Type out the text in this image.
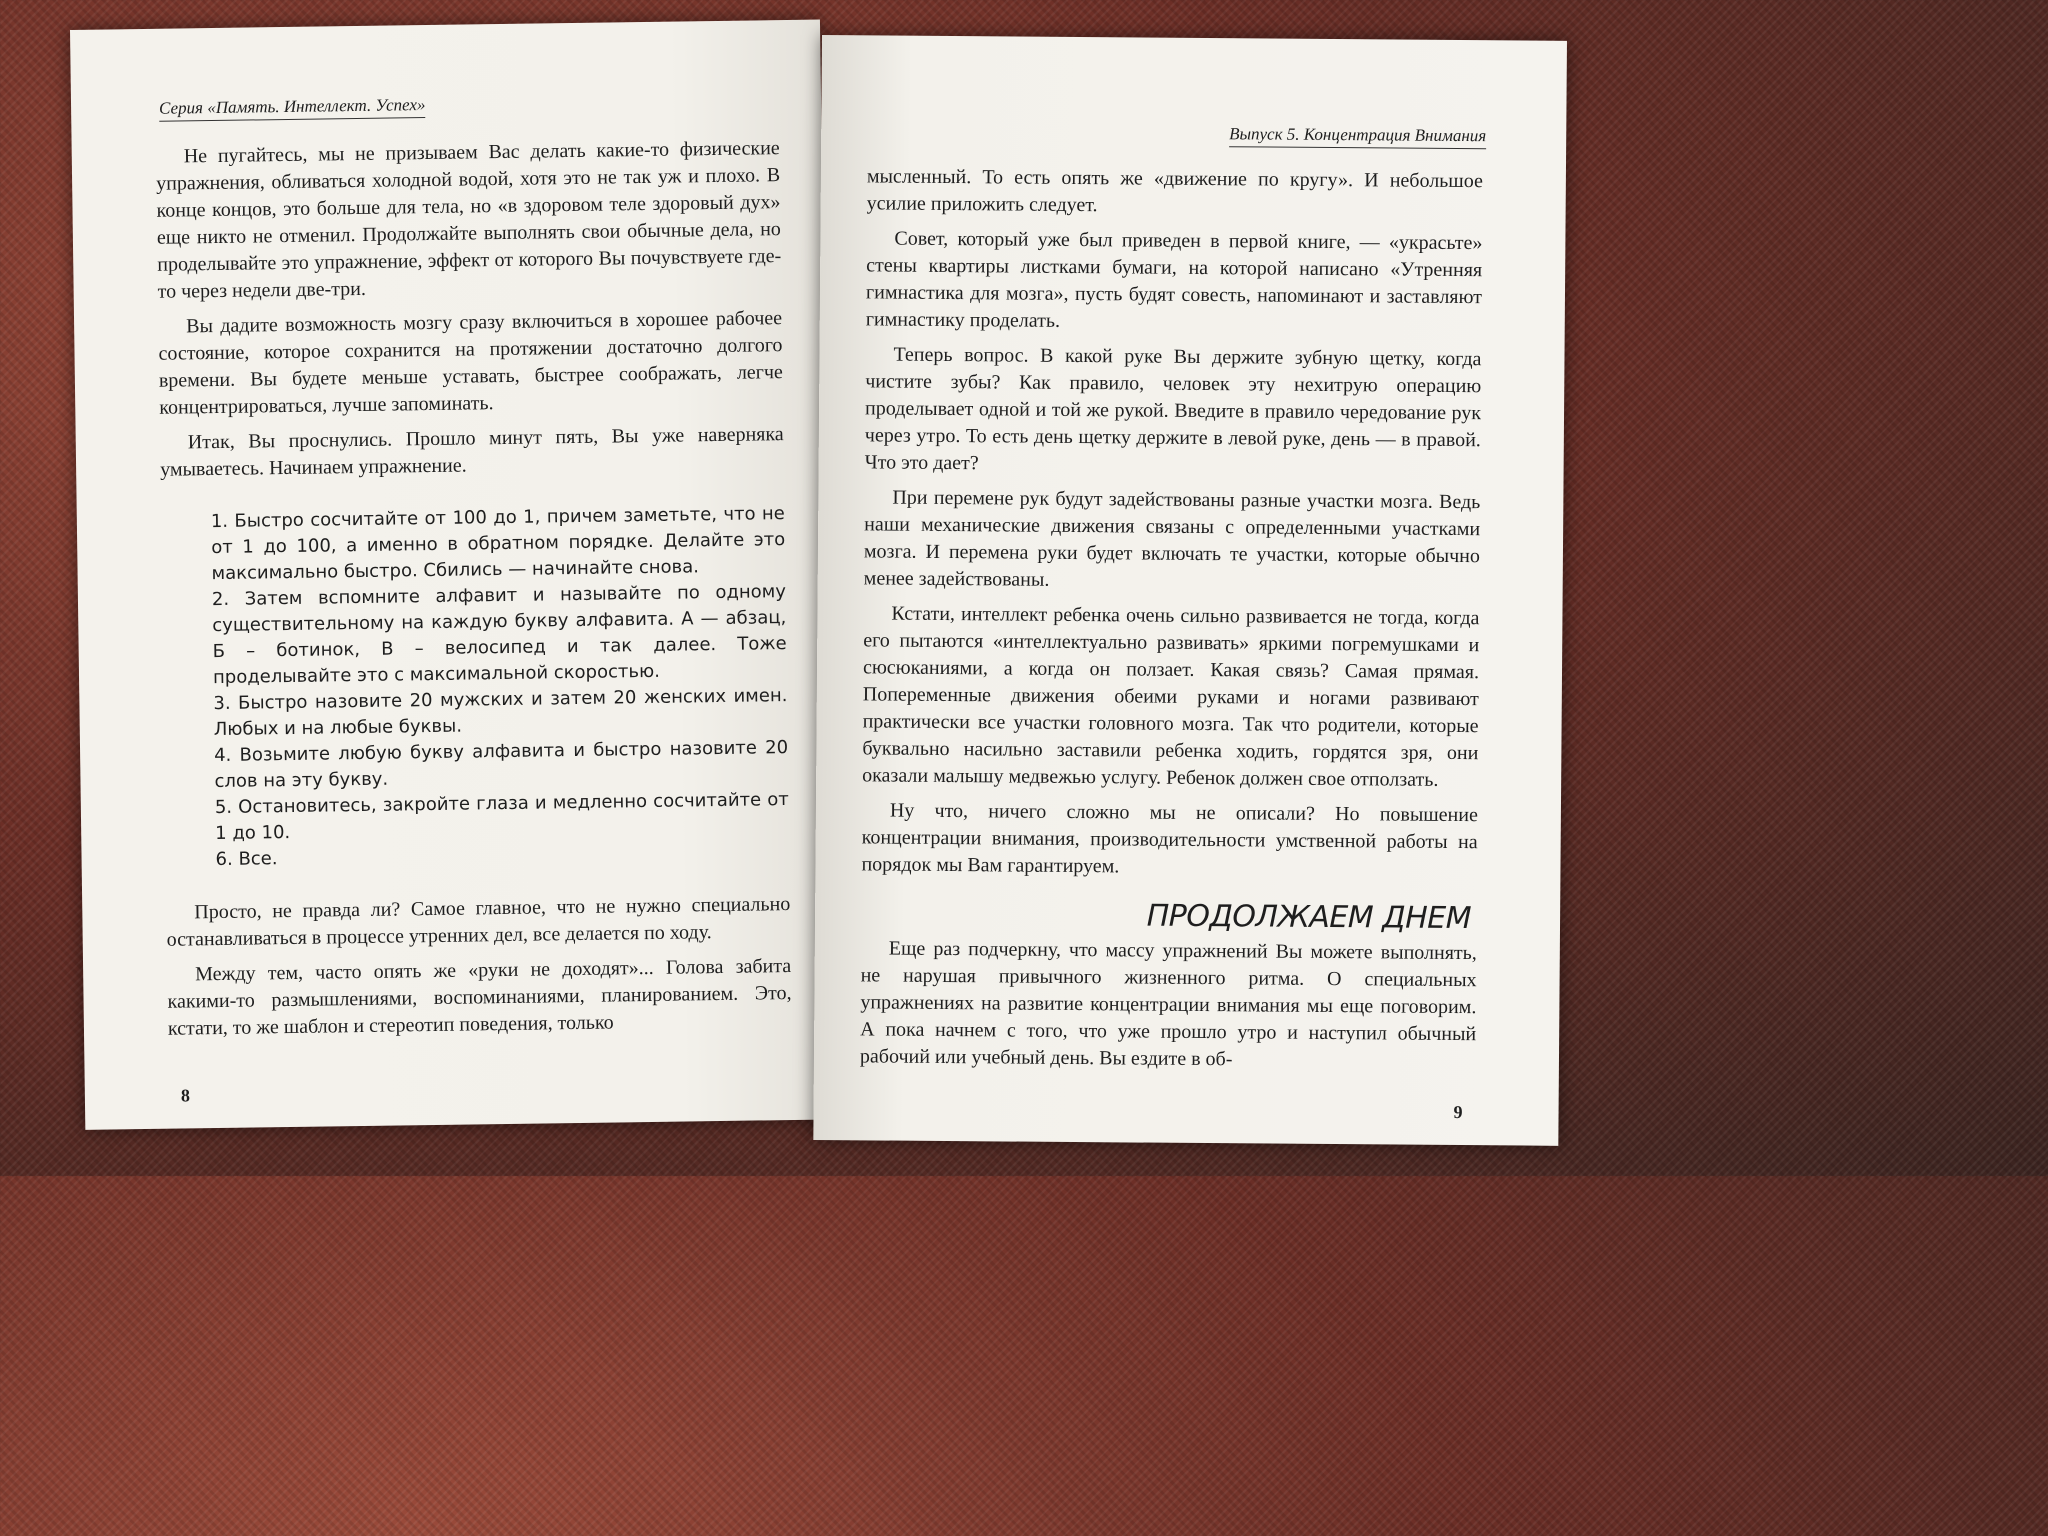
Серия «Память. Интеллект. Успех»

Не пугайтесь, мы не призываем Вас делать какие-то физические упражнения, обливаться холодной водой, хотя это не так уж и плохо. В конце концов, это больше для тела, но «в здоровом теле здоровый дух» еще никто не отменил. Продолжайте выполнять свои обычные дела, но проделывайте это упражнение, эффект от которого Вы почувствуете где-то через недели две-три.

Вы дадите возможность мозгу сразу включиться в хорошее рабочее состояние, которое сохранится на протяжении достаточно долгого времени. Вы будете меньше уставать, быстрее соображать, легче концентрироваться, лучше запоминать.

Итак, Вы проснулись. Прошло минут пять, Вы уже наверняка умываетесь. Начинаем упражнение.

1. Быстро сосчитайте от 100 до 1, причем заметьте, что не от 1 до 100, а именно в обратном порядке. Делайте это максимально быстро. Сбились — начинайте снова.
2. Затем вспомните алфавит и называйте по одному существительному на каждую букву алфавита. А — абзац, Б – ботинок, В – велосипед и так далее. Тоже проделывайте это с максимальной скоростью.
3. Быстро назовите 20 мужских и затем 20 женских имен. Любых и на любые буквы.
4. Возьмите любую букву алфавита и быстро назовите 20 слов на эту букву.
5. Остановитесь, закройте глаза и медленно сосчитайте от 1 до 10.
6. Все.

Просто, не правда ли? Самое главное, что не нужно специально останавливаться в процессе утренних дел, все делается по ходу.

Между тем, часто опять же «руки не доходят»... Голова забита какими-то размышлениями, воспоминаниями, планированием. Это, кстати, то же шаблон и стереотип поведения, только

8
Выпуск 5. Концентрация Внимания

мысленный. То есть опять же «движение по кругу». И небольшое усилие приложить следует.

Совет, который уже был приведен в первой книге, — «украсьте» стены квартиры листками бумаги, на которой написано «Утренняя гимнастика для мозга», пусть будят совесть, напоминают и заставляют гимнастику проделать.

Теперь вопрос. В какой руке Вы держите зубную щетку, когда чистите зубы? Как правило, человек эту нехитрую операцию проделывает одной и той же рукой. Введите в правило чередование рук через утро. То есть день щетку держите в левой руке, день — в правой. Что это дает?

При перемене рук будут задействованы разные участки мозга. Ведь наши механические движения связаны с определенными участками мозга. И перемена руки будет включать те участки, которые обычно менее задействованы.

Кстати, интеллект ребенка очень сильно развивается не тогда, когда его пытаются «интеллектуально развивать» яркими погремушками и сюсюканиями, а когда он ползает. Какая связь? Самая прямая. Попеременные движения обеими руками и ногами развивают практически все участки головного мозга. Так что родители, которые буквально насильно заставили ребенка ходить, гордятся зря, они оказали малышу медвежью услугу. Ребенок должен свое отползать.

Ну что, ничего сложно мы не описали? Но повышение концентрации внимания, производительности умственной работы на порядок мы Вам гарантируем.

ПРОДОЛЖАЕМ ДНЕМ

Еще раз подчеркну, что массу упражнений Вы можете выполнять, не нарушая привычного жизненного ритма. О специальных упражнениях на развитие концентрации внимания мы еще поговорим. А пока начнем с того, что уже прошло утро и наступил обычный рабочий или учебный день. Вы ездите в об-

9
